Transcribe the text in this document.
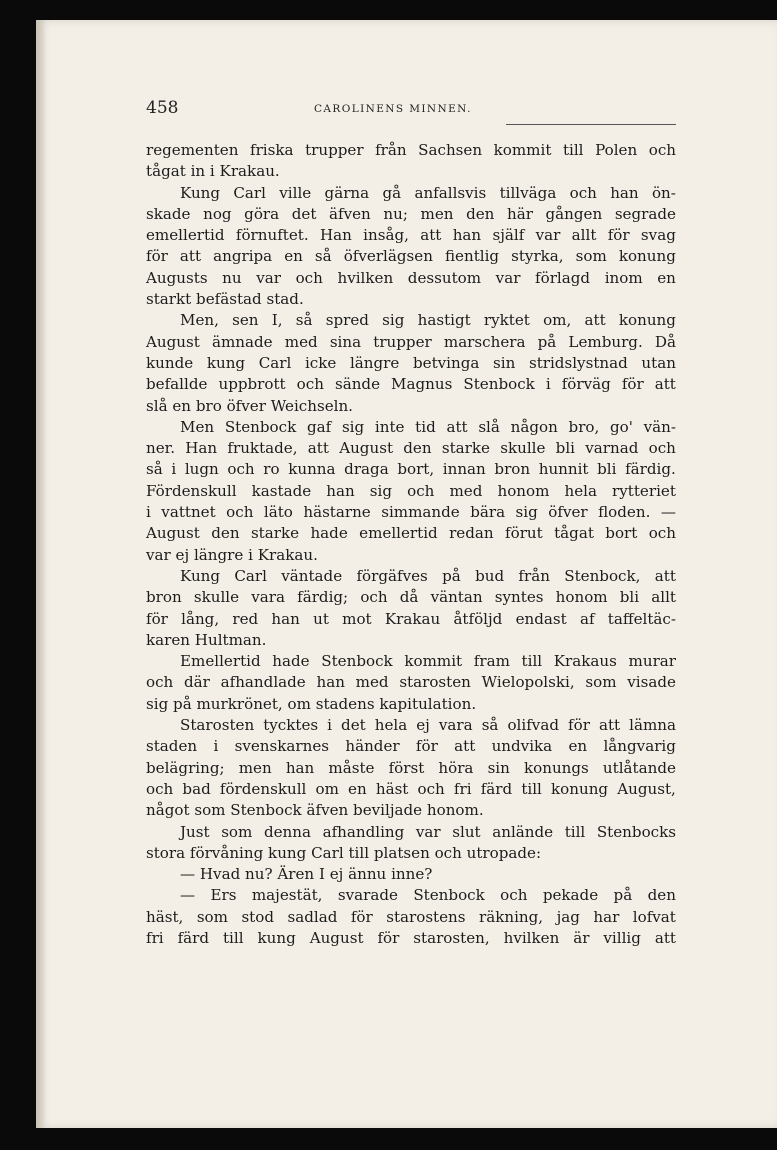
458	CAROLINENS MINNEN.
regementen friska trupper från Sachsen kommit till Polen och
tågat in i Krakau.
Kung Carl ville gärna gå anfallsvis tillväga och han ön-
skade nog göra det äfven nu; men den här gången segrade
emellertid förnuftet. Han insåg, att han själf var allt för svag
för att angripa en så öfverlägsen fientlig styrka, som konung
Augusts nu var och hvilken dessutom var förlagd inom en
starkt befästad stad.
Men, sen I, så spred sig hastigt ryktet om, att konung
August ämnade med sina trupper marschera på Lemburg. Då
kunde kung Carl icke längre betvinga sin stridslystnad utan
befallde uppbrott och sände Magnus Stenbock i förväg för att
slå en bro öfver Weichseln.
Men Stenbock gaf sig inte tid att slå någon bro, go' vän-
ner. Han fruktade, att August den starke skulle bli varnad och
så i lugn och ro kunna draga bort, innan bron hunnit bli färdig.
Fördenskull kastade han sig och med honom hela rytteriet
i vattnet och läto hästarne simmande bära sig öfver floden. —
August den starke hade emellertid redan förut tågat bort och
var ej längre i Krakau.
Kung Carl väntade förgäfves på bud från Stenbock, att
bron skulle vara färdig; och då väntan syntes honom bli allt
för lång, red han ut mot Krakau åtföljd endast af taffeltäc-
karen Hultman.
Emellertid hade Stenbock kommit fram till Krakaus murar
och där afhandlade han med starosten Wielopolski, som visade
sig på murkrönet, om stadens kapitulation.
Starosten tycktes i det hela ej vara så olifvad för att lämna
staden i svenskarnes händer för att undvika en långvarig
belägring; men han måste först höra sin konungs utlåtande
och bad fördenskull om en häst och fri färd till konung August,
något som Stenbock äfven beviljade honom.
Just som denna afhandling var slut anlände till Stenbocks
stora förvåning kung Carl till platsen och utropade:
— Hvad nu? Ären I ej ännu inne?
— Ers majestät, svarade Stenbock och pekade på den
häst, som stod sadlad för starostens räkning, jag har lofvat
fri färd till kung August för starosten, hvilken är villig att
